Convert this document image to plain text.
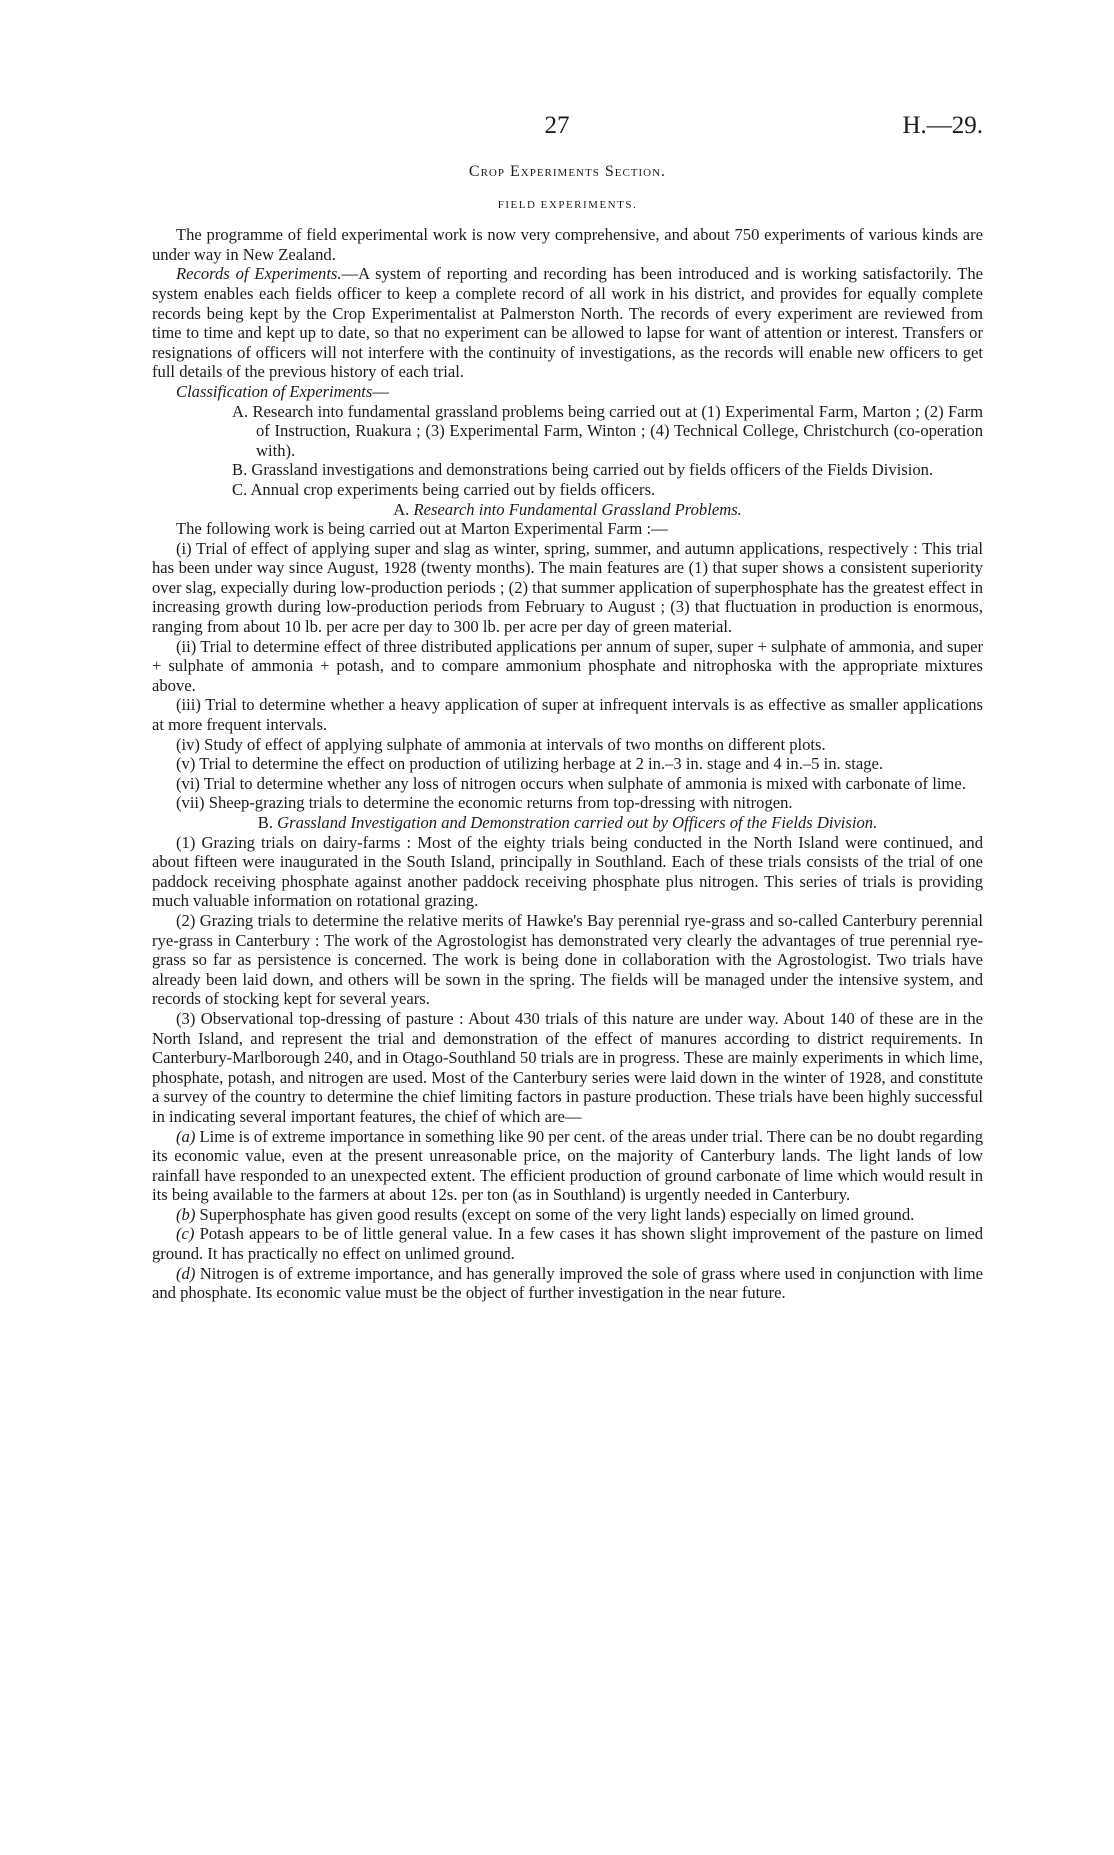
27	H.—29.
Crop Experiments Section.
FIELD EXPERIMENTS.

The programme of field experimental work is now very comprehensive, and about 750 experiments of various kinds are under way in New Zealand.

Records of Experiments.—A system of reporting and recording has been introduced and is working satisfactorily. The system enables each fields officer to keep a complete record of all work in his district, and provides for equally complete records being kept by the Crop Experimentalist at Palmerston North. The records of every experiment are reviewed from time to time and kept up to date, so that no experiment can be allowed to lapse for want of attention or interest. Transfers or resignations of officers will not interfere with the continuity of investigations, as the records will enable new officers to get full details of the previous history of each trial.

Classification of Experiments—

A. Research into fundamental grassland problems being carried out at (1) Experimental Farm, Marton ; (2) Farm of Instruction, Ruakura ; (3) Experimental Farm, Winton ; (4) Technical College, Christchurch (co-operation with).

B. Grassland investigations and demonstrations being carried out by fields officers of the Fields Division.

C. Annual crop experiments being carried out by fields officers.

A. Research into Fundamental Grassland Problems.

The following work is being carried out at Marton Experimental Farm :—

(i) Trial of effect of applying super and slag as winter, spring, summer, and autumn applications, respectively : This trial has been under way since August, 1928 (twenty months). The main features are (1) that super shows a consistent superiority over slag, expecially during low-production periods ; (2) that summer application of superphosphate has the greatest effect in increasing growth during low-production periods from February to August ; (3) that fluctuation in production is enormous, ranging from about 10 lb. per acre per day to 300 lb. per acre per day of green material.

(ii) Trial to determine effect of three distributed applications per annum of super, super + sulphate of ammonia, and super + sulphate of ammonia + potash, and to compare ammonium phosphate and nitrophoska with the appropriate mixtures above.

(iii) Trial to determine whether a heavy application of super at infrequent intervals is as effective as smaller applications at more frequent intervals.

(iv) Study of effect of applying sulphate of ammonia at intervals of two months on different plots.

(v) Trial to determine the effect on production of utilizing herbage at 2 in.–3 in. stage and 4 in.–5 in. stage.

(vi) Trial to determine whether any loss of nitrogen occurs when sulphate of ammonia is mixed with carbonate of lime.

(vii) Sheep-grazing trials to determine the economic returns from top-dressing with nitrogen.

B. Grassland Investigation and Demonstration carried out by Officers of the Fields Division.

(1) Grazing trials on dairy-farms : Most of the eighty trials being conducted in the North Island were continued, and about fifteen were inaugurated in the South Island, principally in Southland. Each of these trials consists of the trial of one paddock receiving phosphate against another paddock receiving phosphate plus nitrogen. This series of trials is providing much valuable information on rotational grazing.

(2) Grazing trials to determine the relative merits of Hawke's Bay perennial rye-grass and so-called Canterbury perennial rye-grass in Canterbury : The work of the Agrostologist has demonstrated very clearly the advantages of true perennial rye-grass so far as persistence is concerned. The work is being done in collaboration with the Agrostologist. Two trials have already been laid down, and others will be sown in the spring. The fields will be managed under the intensive system, and records of stocking kept for several years.

(3) Observational top-dressing of pasture : About 430 trials of this nature are under way. About 140 of these are in the North Island, and represent the trial and demonstration of the effect of manures according to district requirements. In Canterbury-Marlborough 240, and in Otago-Southland 50 trials are in progress. These are mainly experiments in which lime, phosphate, potash, and nitrogen are used. Most of the Canterbury series were laid down in the winter of 1928, and constitute a survey of the country to determine the chief limiting factors in pasture production. These trials have been highly successful in indicating several important features, the chief of which are—

(a) Lime is of extreme importance in something like 90 per cent. of the areas under trial. There can be no doubt regarding its economic value, even at the present unreasonable price, on the majority of Canterbury lands. The light lands of low rainfall have responded to an unexpected extent. The efficient production of ground carbonate of lime which would result in its being available to the farmers at about 12s. per ton (as in Southland) is urgently needed in Canterbury.

(b) Superphosphate has given good results (except on some of the very light lands) especially on limed ground.

(c) Potash appears to be of little general value. In a few cases it has shown slight improvement of the pasture on limed ground. It has practically no effect on unlimed ground.

(d) Nitrogen is of extreme importance, and has generally improved the sole of grass where used in conjunction with lime and phosphate. Its economic value must be the object of further investigation in the near future.
